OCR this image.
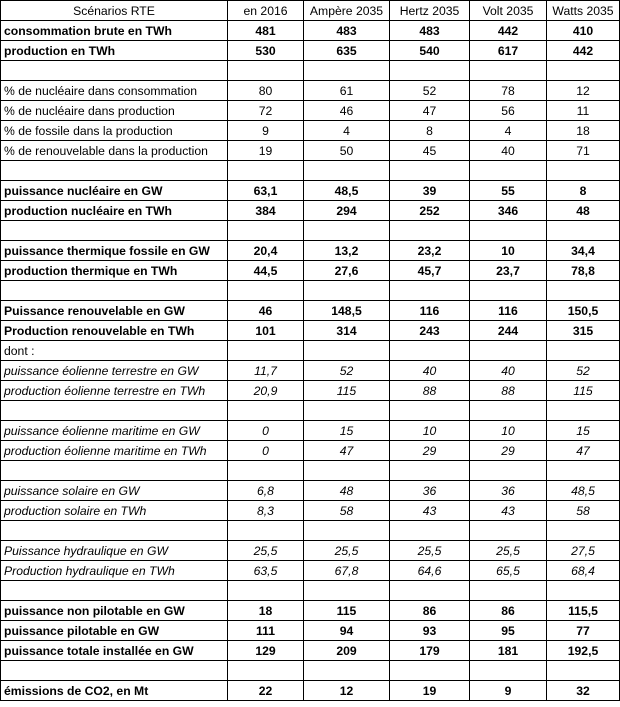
Scénarios RTE	en 2016	Ampère 2035	Hertz 2035	Volt 2035	Watts 2035
consommation brute en TWh	481	483	483	442	410
production en TWh	530	635	540	617	442

% de nucléaire dans consommation	80	61	52	78	12
% de nucléaire dans production	72	46	47	56	11
% de fossile dans la production	9	4	8	4	18
% de renouvelable dans la production	19	50	45	40	71

puissance nucléaire en GW	63,1	48,5	39	55	8
production nucléaire en TWh	384	294	252	346	48

puissance thermique fossile en GW	20,4	13,2	23,2	10	34,4
production thermique en TWh	44,5	27,6	45,7	23,7	78,8

Puissance renouvelable en GW	46	148,5	116	116	150,5
Production renouvelable en TWh	101	314	243	244	315
dont :					
puissance éolienne terrestre en GW	11,7	52	40	40	52
production éolienne terrestre en TWh	20,9	115	88	88	115

puissance éolienne maritime en GW	0	15	10	10	15
production éolienne maritime en TWh	0	47	29	29	47

puissance solaire en GW	6,8	48	36	36	48,5
production solaire en TWh	8,3	58	43	43	58

Puissance hydraulique en GW	25,5	25,5	25,5	25,5	27,5
Production hydraulique en TWh	63,5	67,8	64,6	65,5	68,4

puissance non pilotable en GW	18	115	86	86	115,5
puissance pilotable en GW	111	94	93	95	77
puissance totale installée en GW	129	209	179	181	192,5

émissions de CO2, en Mt	22	12	19	9	32
